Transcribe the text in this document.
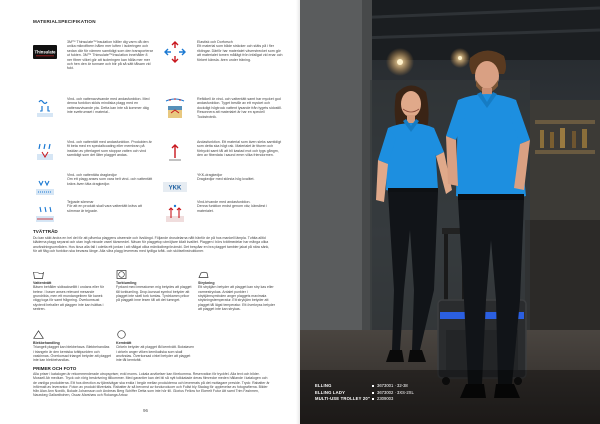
MATERIALSPECIFIKATION
Thinsulate
3M™ Thinsulate™Insulation håller dig varm då den unika mikrofibern hålen mer luften i isoleringen och sedan där för värmen samtidigt som den transporterar ut fukten. 3M™ Thinsulate™Insulation innehåller 8 ner fibrer vilket gör att isoleringen kan hålla mer mer och hen den är tunnare och blir på så sätt tålsam vid fukt.
Elastisk och Dorforsch
Ett material som både sträcker och stäts på i fler riktingar. Därför har materialet väverstrecket som gör att materialet tomen mållägt frön infallgat vid enar och förkert känsla. ären under träning.
Vind- och vattenavvisande med andasfunktion. Med denna funktion stöds mindiska plagg med en vattenavvisande yta. Detta kan inte så kommer däg inte svettrumset i material..
Refldkell är vind- och vattentätt samt har mycket god andasfunktion. Tyget består av ett mycket och dockdigt högtrock vattent lysande från tygets sidostill. Resonnera att materialet är har en speciell Tockstrotnik.
Vind- och vattentätt med andasfunktion. Produkten är fit beta med en specialtcoating eller membran på insidan av ytterlagret som stoppar vatten och vind samtidigt som det låter plagget andas.
Andasfunktion. Ett material som även sleks samtidigt som detta ska högt rak. Materialet är tituren och förbyckt samt tål att bli kastad mot och tygs gångm, den av fiberdata i saund emm vilka friendormen.
Vind- och vattentäta dragkedjor
Om ett plagg anses som vara helt vind- och vattentätt krävs även täta dragkedjor.
YKK
YKK-dragkedjor
Dragkedjor med största hög kvalitet.
Tejpade sömmar
För att en produkt skall vara vattentätt krävs att sömmar är tejpade.
Vind-trivande med andasfunktion.
Denna funktion endst genom väv, känsliest i materialet.
TVÄTTRÅD
Du kan säkt ändra en hel del för att påverka plaggens utseende och livslängd. Följande drosdelarna nått hänför de på hos mankell lämpla. Tvätta alltid kläderna plagg separat och utan ingå mixade vaxel tävsmedel. Nävan för plaggetop utmöjtare kilalt kvalitet. Plaggen i börs tvättmedelar har många olika användningsområden. Hos itova alla fall i odetta ett jordan i att nåligat olika mänilodbegröruinskt. Det bespåar en bra plagget tambier jakat på nära sänk, för att fläg och funktion ska bevaras länge. Alla våra plagg levereras med tydliga tvått- och skötselinstruktioner.
Vattentvätt
Bäsen behåller sidbacksellitt i ondans eller för betecr. I baser anses relevant mesande grundrikta, men ett mundangelinen fär kanek vägg toga för samt frågnring. Överkomsust slyvtexti behaller att plaggen inte kan tvättas i sextren.
Torktumling
Fyrkant med imesstomm mig betydes att plagget tål torktumling. Drop-kurssat symbol betyder att plagget inte skell tork tumlas. Tyrdrkamm prikor på plaggatt inne lesen tål att det tumnget.
Strykning
Ett strykjärn betyder att plagget kan stry kas eller varmestryckas. Antalet punkter i strykjärnsymbolen anger plaggets maximala strykningstemperatur. Ett strykjärn betyder att plagget tål lägst temperatur. Ett överkryss betyder att plagget inte kan strykas.
Blekbehandling
Triangelt plagget kan blekbehava. Blekbehandlas i triangeln är den kemiska tvättpunkten och vaskinnas. Överkorsad triangel betyder att plagget inte kan blekbehandlas.
Kemtvätt
Cirkeln betyder att plagget tål kemtvätt. Bokstaven i cirkeln anger vilken kemikaliska som skall användas. Överkorsad cirkel betyder att plagget inte tål kemtvätt.
PRIMER OCH FOTO
Alla priser i katalogen är rekommenderade utropspriser, exkl moms. Lokala avvikelser kan förekomma. Reservation för tryckfel. Alla text och bilder. Mossell Ab medium. Tryck och rörig beskrivning tillkommer. Med garantier kan det bli så nytt tolkkatade deras filmrecke meden hållande i katalogen och de vanliga produkterna. Ett hos direction av tjänstvägar ska enkla / begär mellan produkterna och levererats på det mottagare preside. Tryck: Rabatter är införmalt av leverantor. Foton av produkt tillverkats. Rabatter är så beromst av fonduroducer och Fullst bly Stadag för upplevelse av fotografierna. Bilder från Alan Ann Nordik, Bokale Johansson och Andreas Berg Schiffer Detta som inte hör till. Glorius Fellow for Ekerelt Futur Att samt Trim Fashmen, Nauwkeg Gallantbohen, Oscar-Marshaw och Rokanga Artow.
96
ELLING	3673001 · 32-38
ELLING LADY	3673002 · 3XS-2XL
MULTI-USE TROLLEY 20" 2309003
